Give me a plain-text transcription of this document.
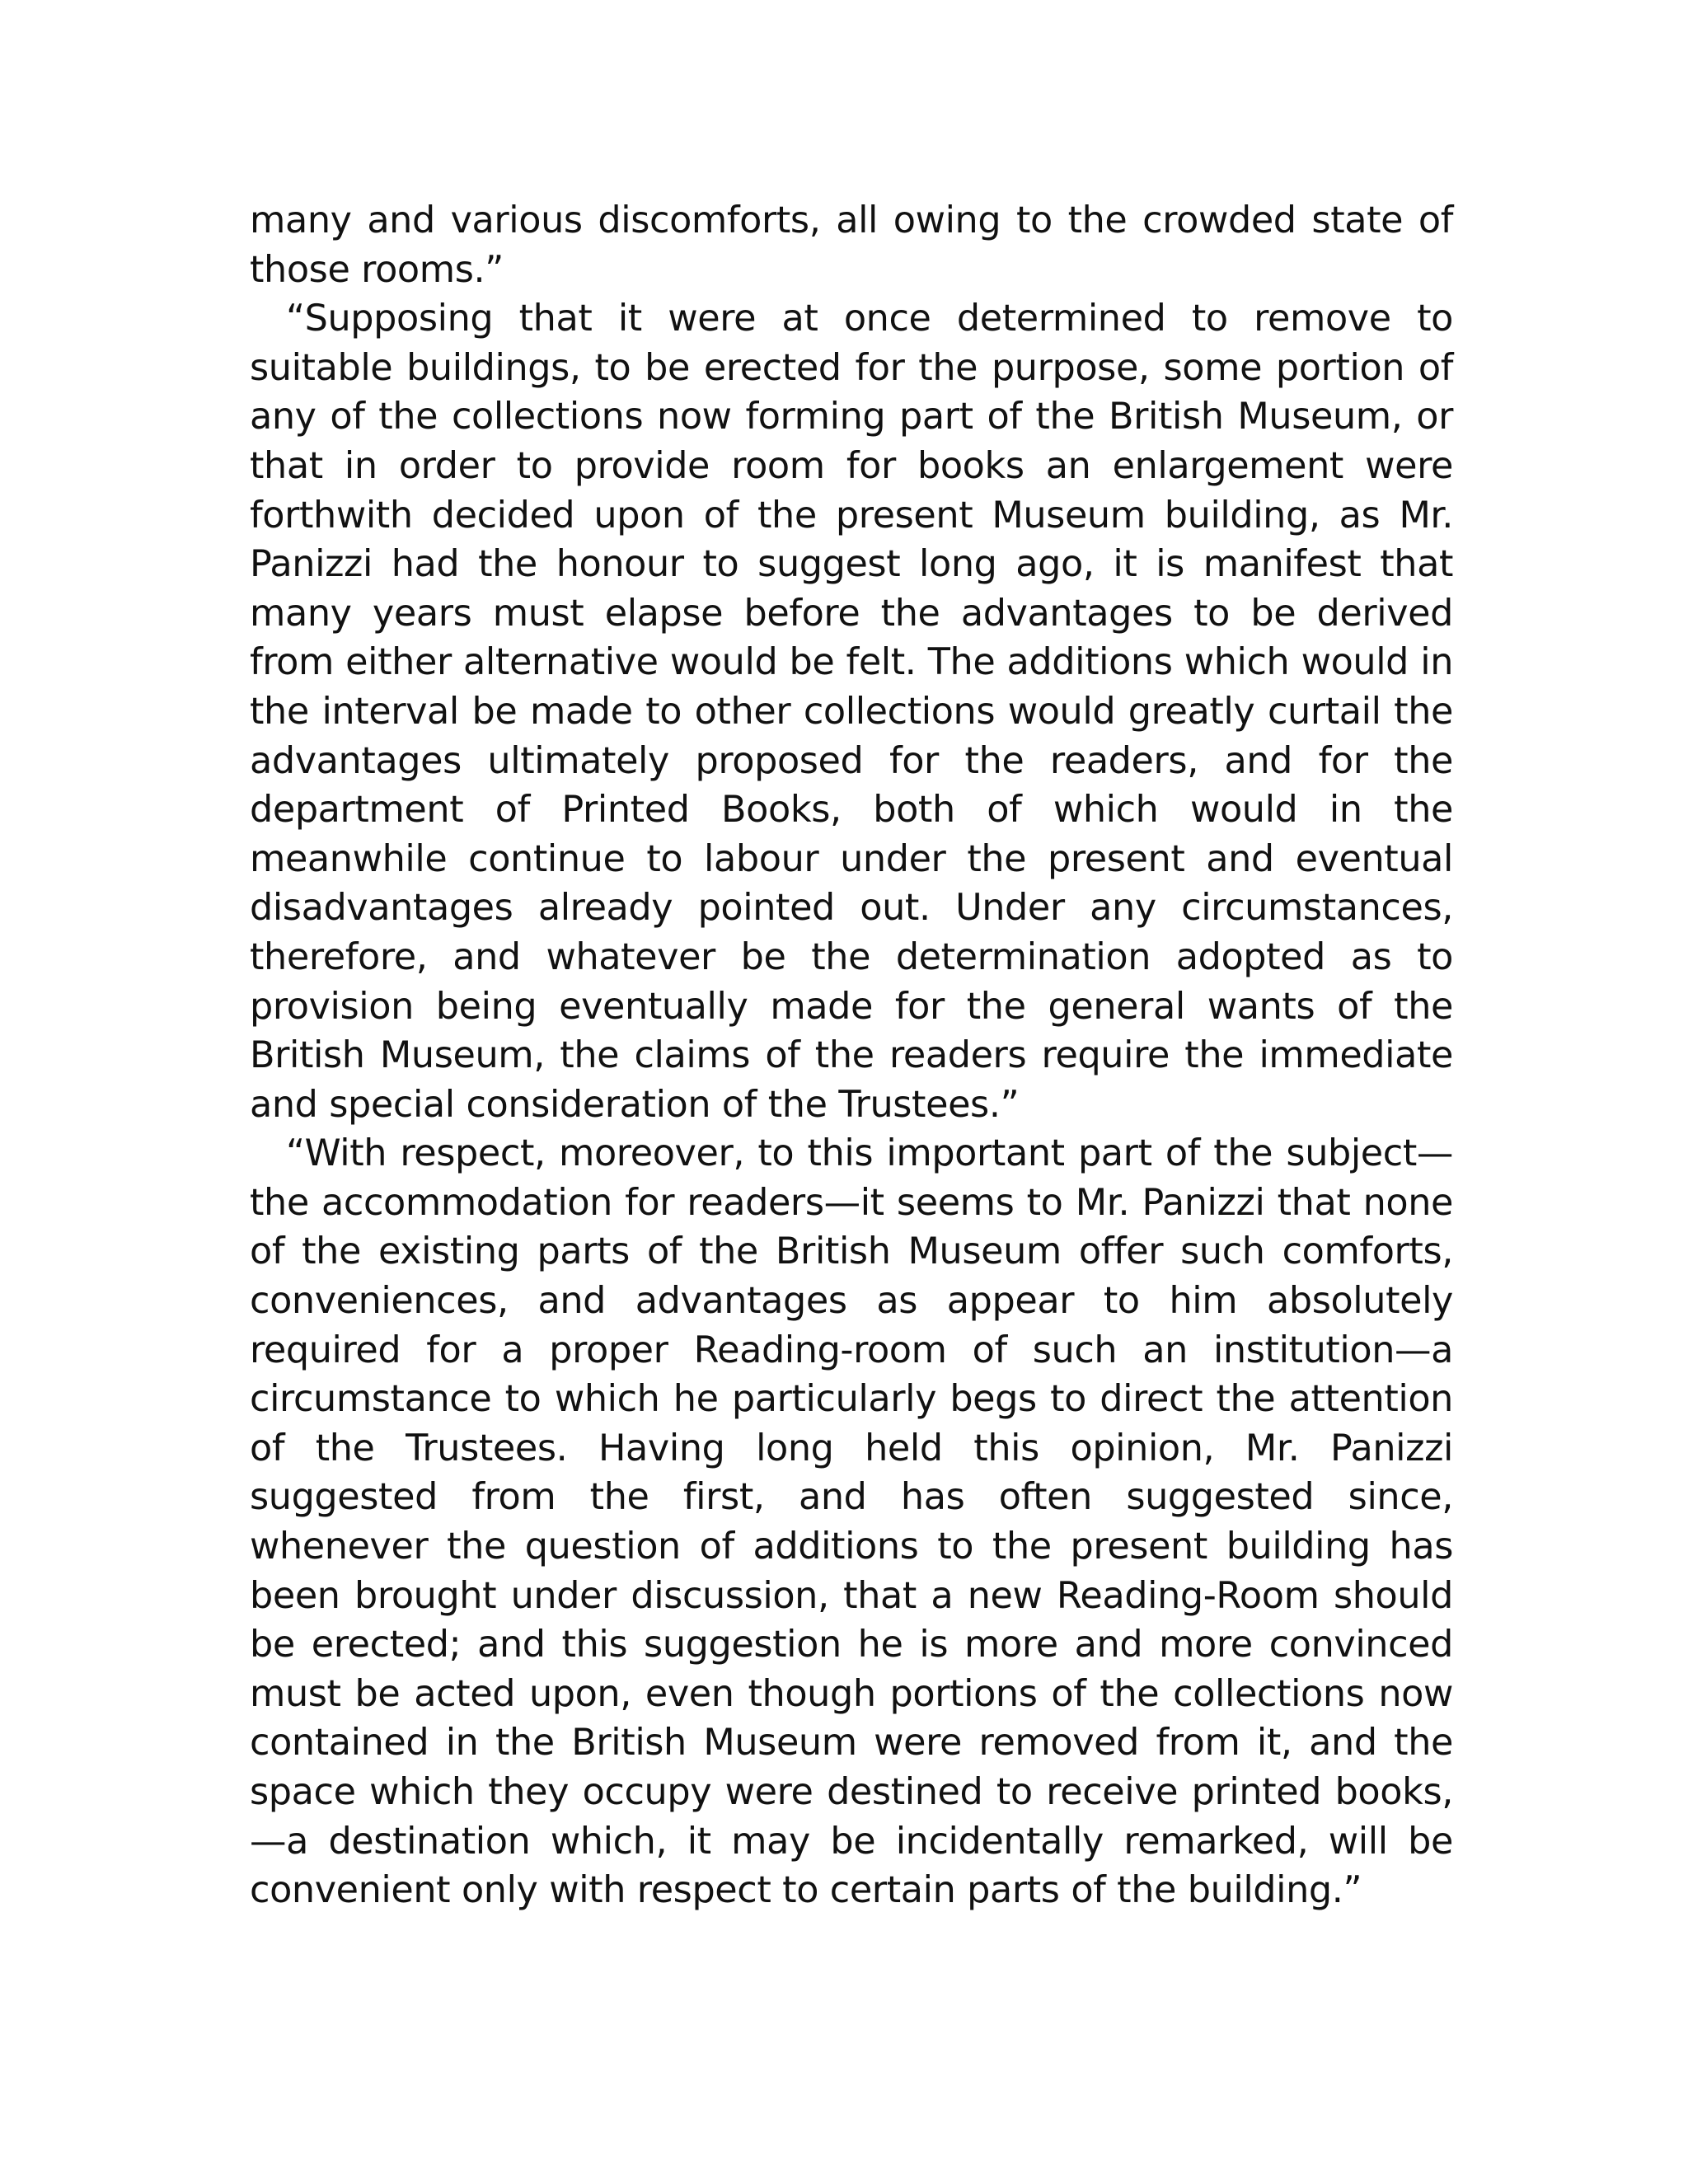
many and various discomforts, all owing to the crowded state of those rooms.”

“Supposing that it were at once determined to remove to suitable buildings, to be erected for the purpose, some portion of any of the collections now forming part of the British Museum, or that in order to provide room for books an enlargement were forthwith decided upon of the present Museum building, as Mr. Panizzi had the honour to suggest long ago, it is manifest that many years must elapse before the advantages to be derived from either alternative would be felt. The additions which would in the interval be made to other collections would greatly curtail the advantages ultimately proposed for the readers, and for the department of Printed Books, both of which would in the meanwhile continue to labour under the present and eventual disadvantages already pointed out. Under any circumstances, therefore, and whatever be the determination adopted as to provision being eventually made for the general wants of the British Museum, the claims of the readers require the immediate and special consideration of the Trustees.”

“With respect, moreover, to this important part of the subject—the accommodation for readers—it seems to Mr. Panizzi that none of the existing parts of the British Museum offer such comforts, conveniences, and advantages as appear to him absolutely required for a proper Reading-room of such an institution—a circumstance to which he particularly begs to direct the attention of the Trustees. Having long held this opinion, Mr. Panizzi suggested from the first, and has often suggested since, whenever the question of additions to the present building has been brought under discussion, that a new Reading-Room should be erected; and this suggestion he is more and more convinced must be acted upon, even though portions of the collections now contained in the British Museum were removed from it, and the space which they occupy were destined to receive printed books,—a destination which, it may be incidentally remarked, will be convenient only with respect to certain parts of the building.”
